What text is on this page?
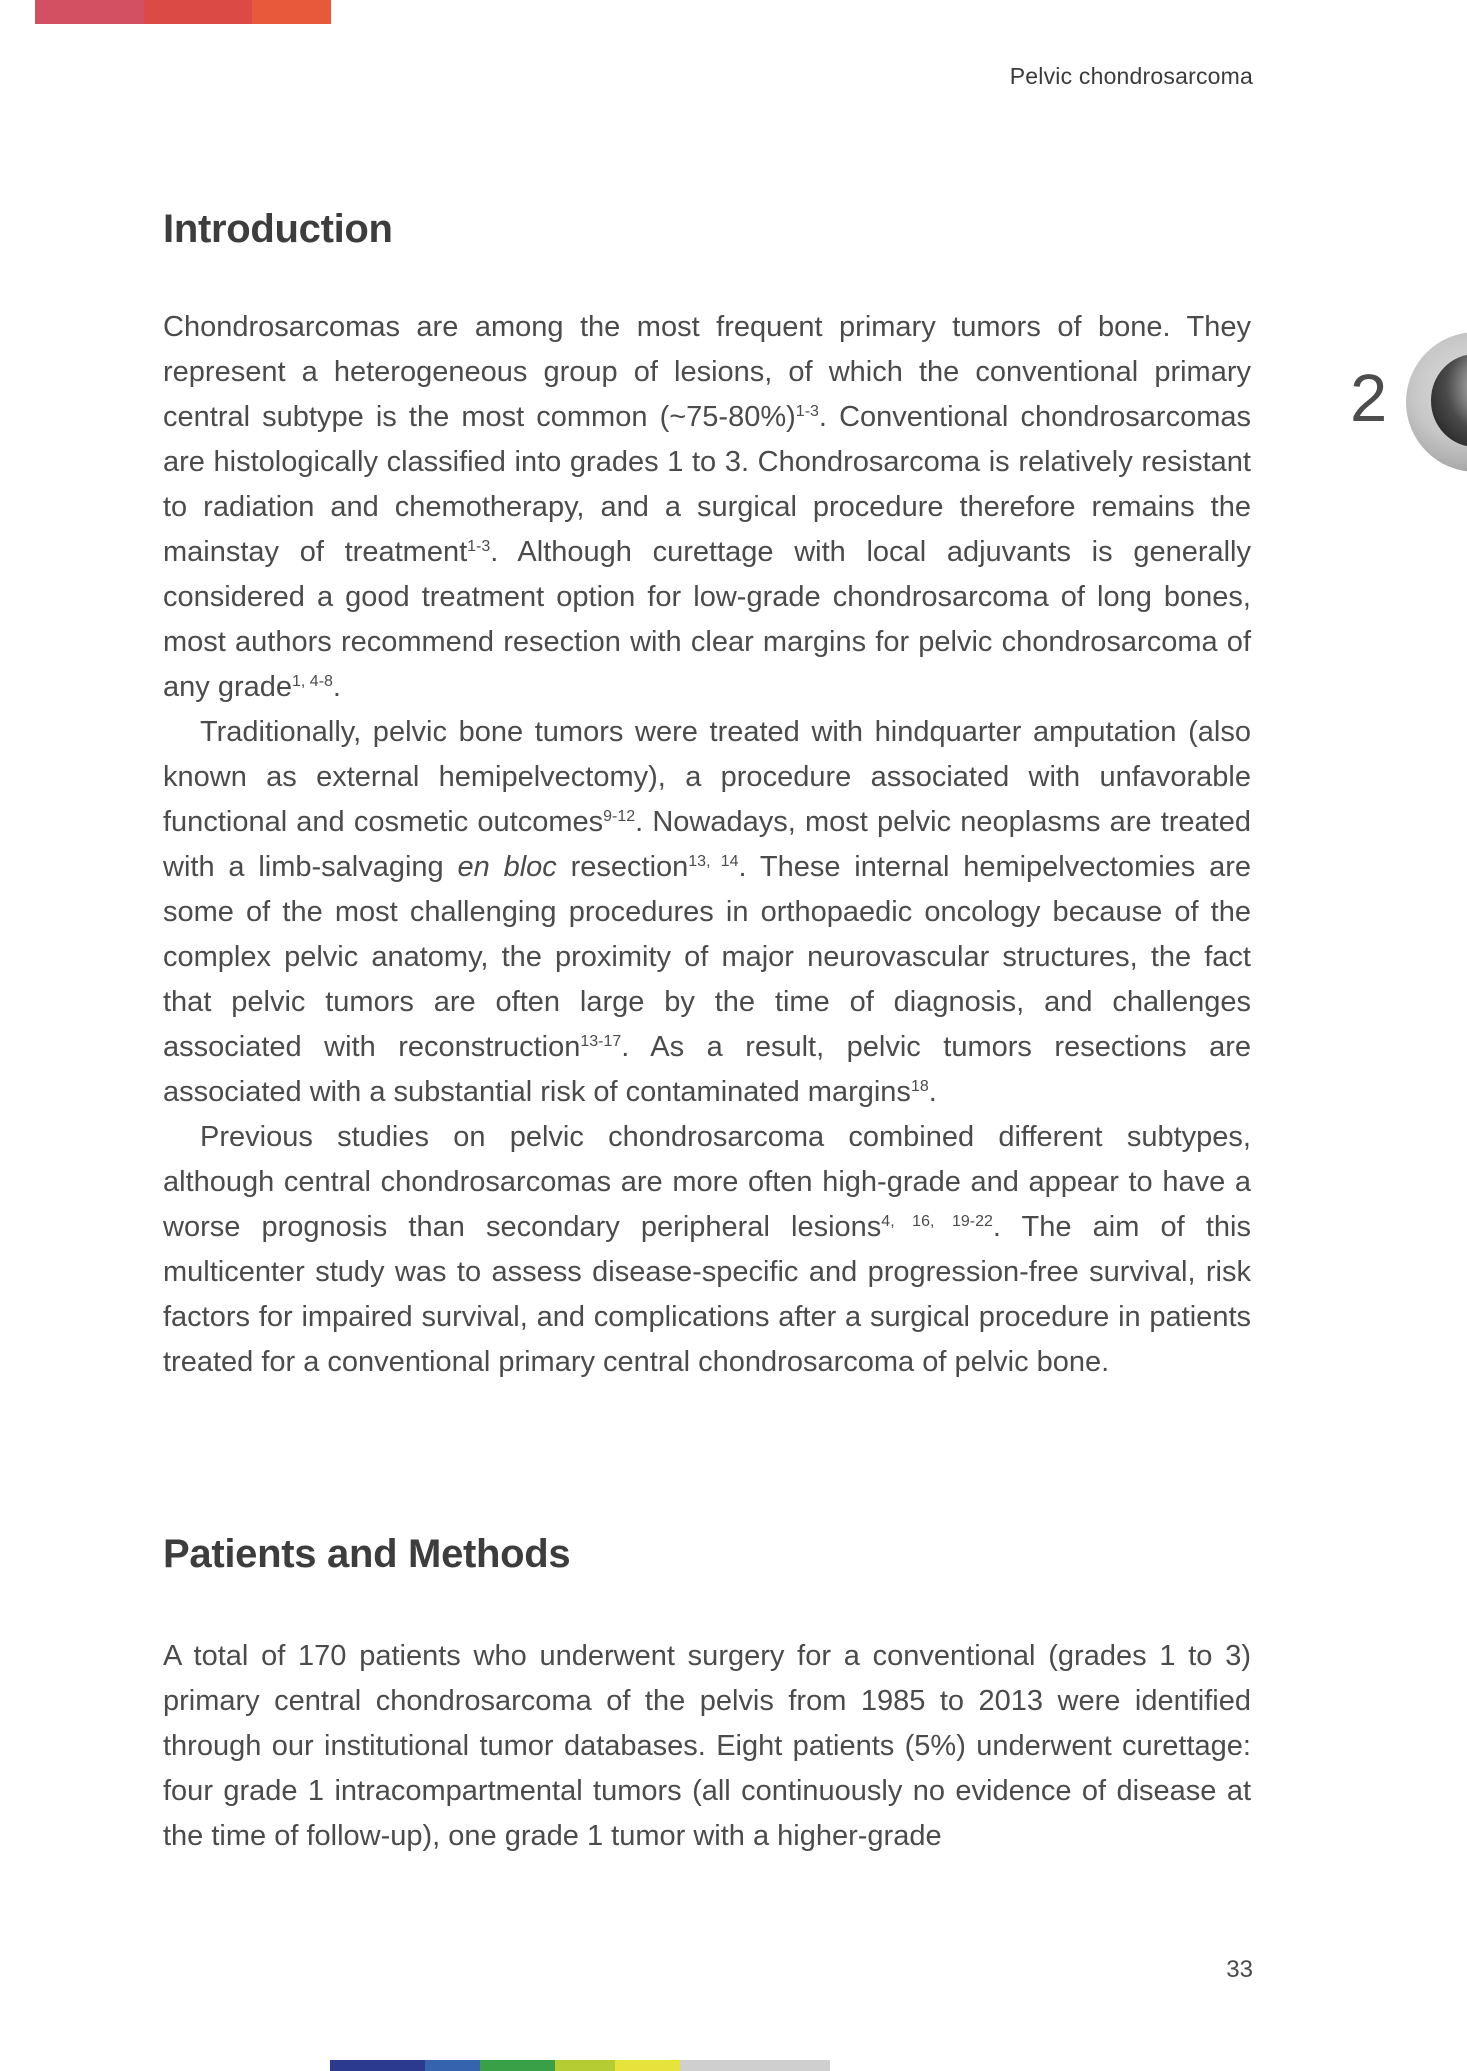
Pelvic chondrosarcoma
Introduction

Chondrosarcomas are among the most frequent primary tumors of bone. They represent a heterogeneous group of lesions, of which the conventional primary central subtype is the most common (~75-80%)$^{1-3}$. Conventional chondrosarcomas are histologically classified into grades 1 to 3. Chondrosarcoma is relatively resistant to radiation and chemotherapy, and a surgical procedure therefore remains the mainstay of treatment$^{1-3}$. Although curettage with local adjuvants is generally considered a good treatment option for low-grade chondrosarcoma of long bones, most authors recommend resection with clear margins for pelvic chondrosarcoma of any grade$^{1, 4-8}$.

Traditionally, pelvic bone tumors were treated with hindquarter amputation (also known as external hemipelvectomy), a procedure associated with unfavorable functional and cosmetic outcomes$^{9-12}$. Nowadays, most pelvic neoplasms are treated with a limb-salvaging en bloc resection$^{13, 14}$. These internal hemipelvectomies are some of the most challenging procedures in orthopaedic oncology because of the complex pelvic anatomy, the proximity of major neurovascular structures, the fact that pelvic tumors are often large by the time of diagnosis, and challenges associated with reconstruction$^{13-17}$. As a result, pelvic tumors resections are associated with a substantial risk of contaminated margins$^{18}$.

Previous studies on pelvic chondrosarcoma combined different subtypes, although central chondrosarcomas are more often high-grade and appear to have a worse prognosis than secondary peripheral lesions$^{4, 16, 19-22}$. The aim of this multicenter study was to assess disease-specific and progression-free survival, risk factors for impaired survival, and complications after a surgical procedure in patients treated for a conventional primary central chondrosarcoma of pelvic bone.

Patients and Methods

A total of 170 patients who underwent surgery for a conventional (grades 1 to 3) primary central chondrosarcoma of the pelvis from 1985 to 2013 were identified through our institutional tumor databases. Eight patients (5%) underwent curettage: four grade 1 intracompartmental tumors (all continuously no evidence of disease at the time of follow-up), one grade 1 tumor with a higher-grade

2
33
